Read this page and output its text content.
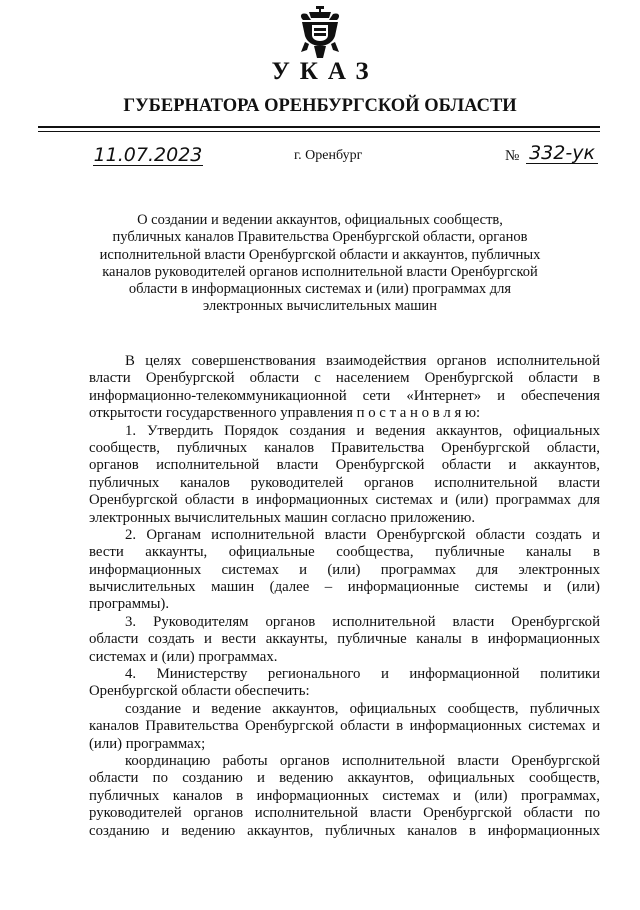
УКАЗ
ГУБЕРНАТОРА ОРЕНБУРГСКОЙ ОБЛАСТИ
11.07.2023	г. Оренбург	№ 332-ук
О создании и ведении аккаунтов, официальных сообществ,
публичных каналов Правительства Оренбургской области, органов
исполнительной власти Оренбургской области и аккаунтов, публичных
каналов руководителей органов исполнительной власти Оренбургской
области в информационных системах и (или) программах для
электронных вычислительных машин
В целях совершенствования взаимодействия органов исполнительной
власти Оренбургской области с населением Оренбургской области в
информационно-телекоммуникационной сети «Интернет» и обеспечения
открытости государственного управления п о с т а н о в л я ю:
1. Утвердить Порядок создания и ведения аккаунтов, официальных
сообществ, публичных каналов Правительства Оренбургской области,
органов исполнительной власти Оренбургской области и аккаунтов,
публичных каналов руководителей органов исполнительной власти
Оренбургской области в информационных системах и (или) программах для
электронных вычислительных машин согласно приложению.
2. Органам исполнительной власти Оренбургской области создать и
вести аккаунты, официальные сообщества, публичные каналы в
информационных системах и (или) программах для электронных
вычислительных машин (далее – информационные системы и (или)
программы).
3. Руководителям органов исполнительной власти Оренбургской
области создать и вести аккаунты, публичные каналы в информационных
системах и (или) программах.
4. Министерству регионального и информационной политики
Оренбургской области обеспечить:
создание и ведение аккаунтов, официальных сообществ, публичных
каналов Правительства Оренбургской области в информационных системах и
(или) программах;
координацию работы органов исполнительной власти Оренбургской
области по созданию и ведению аккаунтов, официальных сообществ,
публичных каналов в информационных системах и (или) программах,
руководителей органов исполнительной власти Оренбургской области по
созданию и ведению аккаунтов, публичных каналов в информационных
